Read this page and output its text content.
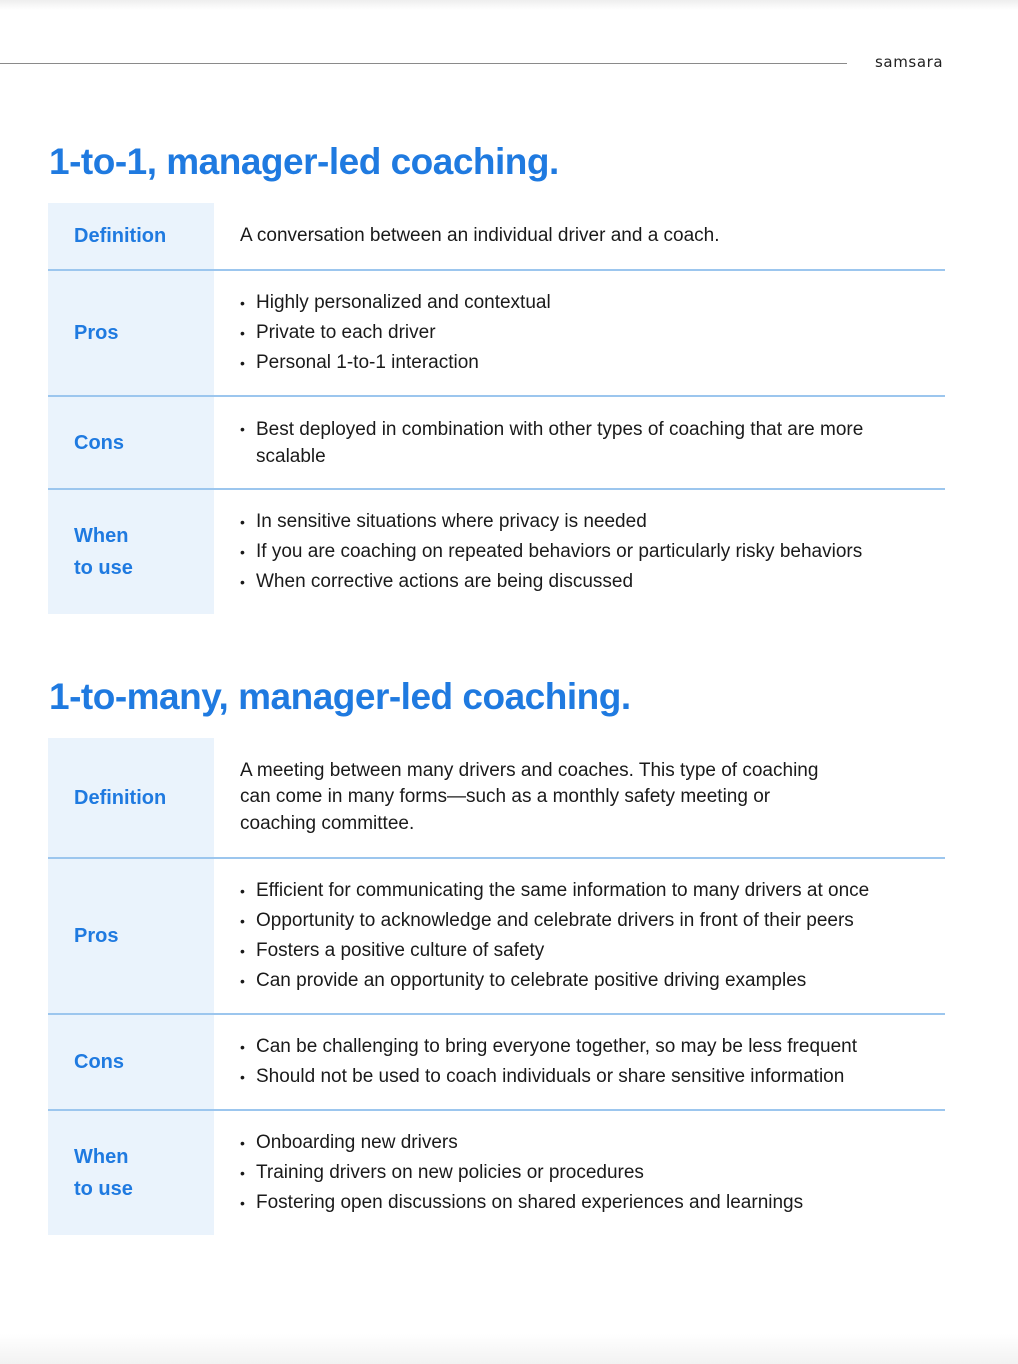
samsara
1-to-1, manager-led coaching.
Definition	A conversation between an individual driver and a coach.

Pros
• Highly personalized and contextual
• Private to each driver
• Personal 1-to-1 interaction
Cons
• Best deployed in combination with other types of coaching that are more scalable
When
to use
• In sensitive situations where privacy is needed
• If you are coaching on repeated behaviors or particularly risky behaviors
• When corrective actions are being discussed
1-to-many, manager-led coaching.
Definition

A meeting between many drivers and coaches. This type of coaching can come in many forms—such as a monthly safety meeting or coaching committee.

Pros
• Efficient for communicating the same information to many drivers at once
• Opportunity to acknowledge and celebrate drivers in front of their peers
• Fosters a positive culture of safety
• Can provide an opportunity to celebrate positive driving examples
Cons
• Can be challenging to bring everyone together, so may be less frequent
• Should not be used to coach individuals or share sensitive information
When
to use
• Onboarding new drivers
• Training drivers on new policies or procedures
• Fostering open discussions on shared experiences and learnings
